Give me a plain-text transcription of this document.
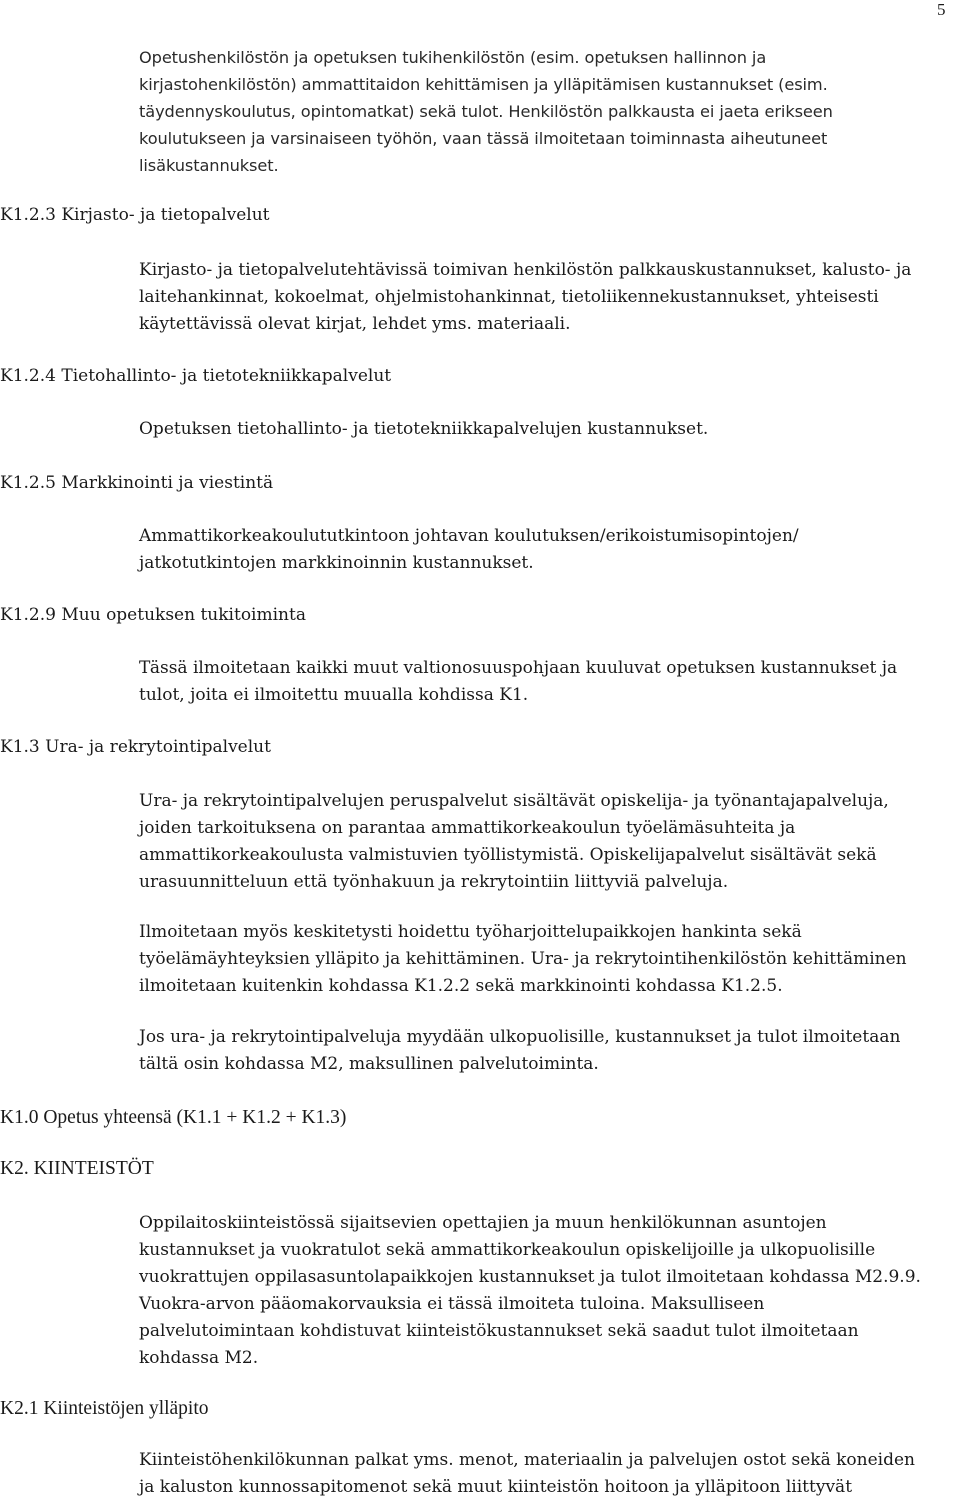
5

Opetushenkilöstön ja opetuksen tukihenkilöstön (esim. opetuksen hallinnon ja
kirjastohenkilöstön) ammattitaidon kehittämisen ja ylläpitämisen kustannukset (esim.
täydennyskoulutus, opintomatkat) sekä tulot. Henkilöstön palkkausta ei jaeta erikseen
koulutukseen ja varsinaiseen työhön, vaan tässä ilmoitetaan toiminnasta aiheutuneet
lisäkustannukset.

K1.2.3 Kirjasto- ja tietopalvelut

Kirjasto- ja tietopalvelutehtävissä toimivan henkilöstön palkkauskustannukset, kalusto- ja
laitehankinnat, kokoelmat, ohjelmistohankinnat, tietoliikennekustannukset, yhteisesti
käytettävissä olevat kirjat, lehdet yms. materiaali.

K1.2.4 Tietohallinto- ja tietotekniikkapalvelut

Opetuksen tietohallinto- ja tietotekniikkapalvelujen kustannukset.

K1.2.5 Markkinointi ja viestintä

Ammattikorkeakoulututkintoon johtavan koulutuksen/erikoistumisopintojen/
jatkotutkintojen markkinoinnin kustannukset.

K1.2.9 Muu opetuksen tukitoiminta

Tässä ilmoitetaan kaikki muut valtionosuuspohjaan kuuluvat opetuksen kustannukset ja
tulot, joita ei ilmoitettu muualla kohdissa K1.

K1.3 Ura- ja rekrytointipalvelut

Ura- ja rekrytointipalvelujen peruspalvelut sisältävät opiskelija- ja työnantajapalveluja,
joiden tarkoituksena on parantaa ammattikorkeakoulun työelämäsuhteita ja
ammattikorkeakoulusta valmistuvien työllistymistä. Opiskelijapalvelut sisältävät sekä
urasuunnitteluun että työnhakuun ja rekrytointiin liittyviä palveluja.

Ilmoitetaan myös keskitetysti hoidettu työharjoittelupaikkojen hankinta sekä
työelämäyhteyksien ylläpito ja kehittäminen. Ura- ja rekrytointihenkilöstön kehittäminen
ilmoitetaan kuitenkin kohdassa K1.2.2 sekä markkinointi kohdassa K1.2.5.

Jos ura- ja rekrytointipalveluja myydään ulkopuolisille, kustannukset ja tulot ilmoitetaan
tältä osin kohdassa M2, maksullinen palvelutoiminta.

K1.0 Opetus yhteensä (K1.1 + K1.2 + K1.3)
K2. KIINTEISTÖT

Oppilaitoskiinteistössä sijaitsevien opettajien ja muun henkilökunnan asuntojen
kustannukset ja vuokratulot sekä ammattikorkeakoulun opiskelijoille ja ulkopuolisille
vuokrattujen oppilasasuntolapaikkojen kustannukset ja tulot ilmoitetaan kohdassa M2.9.9.
Vuokra-arvon pääomakorvauksia ei tässä ilmoiteta tuloina. Maksulliseen
palvelutoimintaan kohdistuvat kiinteistökustannukset sekä saadut tulot ilmoitetaan
kohdassa M2.

K2.1 Kiinteistöjen ylläpito

Kiinteistöhenkilökunnan palkat yms. menot, materiaalin ja palvelujen ostot sekä koneiden
ja kaluston kunnossapitomenot sekä muut kiinteistön hoitoon ja ylläpitoon liittyvät
